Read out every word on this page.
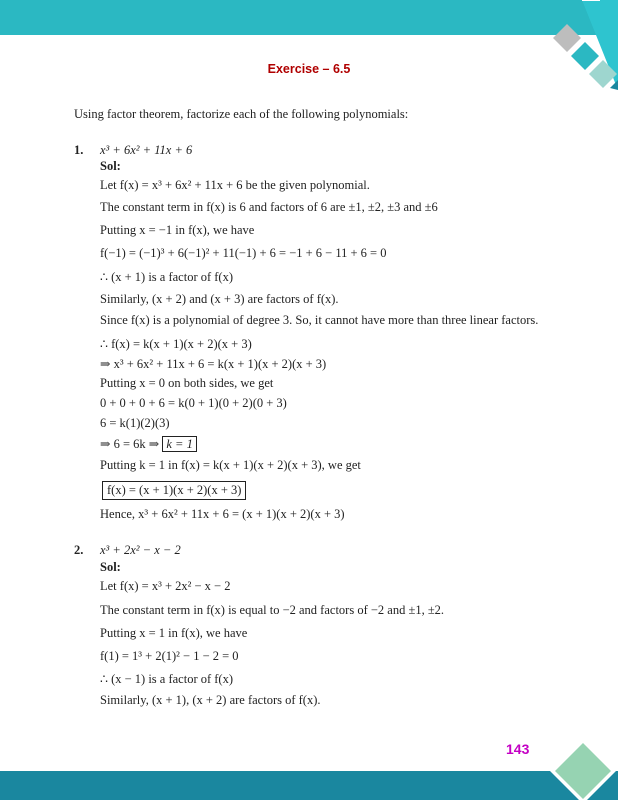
Exercise – 6.5
Using factor theorem, factorize each of the following polynomials:
1. x³ + 6x² + 11x + 6
Sol:
Let f(x) = x³ + 6x² + 11x + 6 be the given polynomial.
The constant term in f(x) is 6 and factors of 6 are ±1, ±2, ±3 and ±6
Putting x = −1 in f(x), we have
f(−1) = (−1)³ + 6(−1)² + 11(−1) + 6 = −1 + 6 − 11 + 6 = 0
∴ (x + 1) is a factor of f(x)
Similarly, (x + 2) and (x + 3) are factors of f(x).
Since f(x) is a polynomial of degree 3. So, it cannot have more than three linear factors.
∴ f(x) = k(x + 1)(x + 2)(x + 3)
⇒ x³ + 6x² + 11x + 6 = k(x + 1)(x + 2)(x + 3)
Putting x = 0 on both sides, we get
0 + 0 + 0 + 6 = k(0 + 1)(0 + 2)(0 + 3)
6 = k(1)(2)(3)
⇒ 6 = 6k ⇒ k = 1
Putting k = 1 in f(x) = k(x + 1)(x + 2)(x + 3), we get
f(x) = (x + 1)(x + 2)(x + 3)
Hence, x³ + 6x² + 11x + 6 = (x + 1)(x + 2)(x + 3)
2. x³ + 2x² − x − 2
Sol:
Let f(x) = x³ + 2x² − x − 2
The constant term in f(x) is equal to −2 and factors of −2 and ±1, ±2.
Putting x = 1 in f(x), we have
f(1) = 1³ + 2(1)² − 1 − 2 = 0
∴ (x − 1) is a factor of f(x)
Similarly, (x + 1), (x + 2) are factors of f(x).
143
